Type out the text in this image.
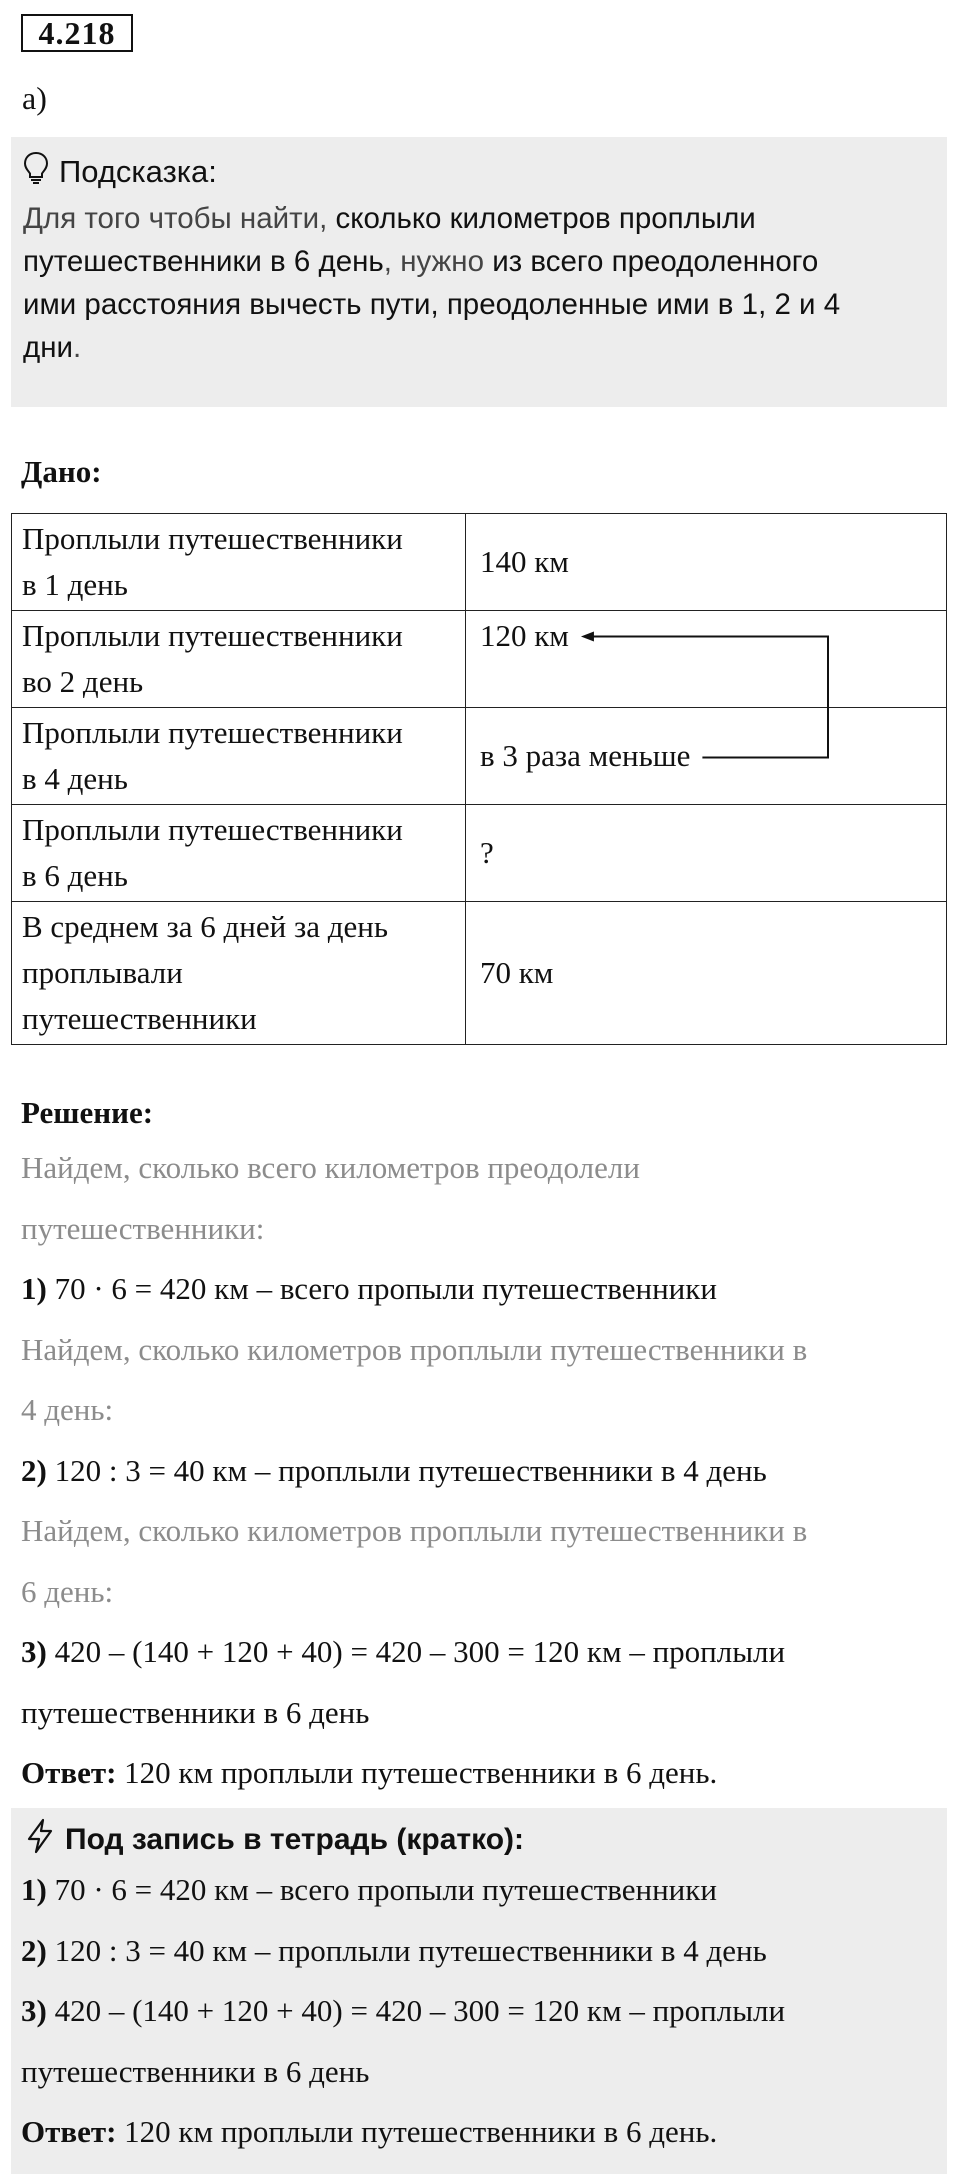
4.218
а)
Подсказка:
Для того чтобы найти, сколько километров проплыли
путешественники в 6 день, нужно из всего преодоленного
ими расстояния вычесть пути, преодоленные ими в 1, 2 и 4
дни.
Дано:
Проплыли путешественники
в 1 день	140 км

Проплыли путешественники
во 2 день	120 км

Проплыли путешественники
в 4 день	в 3 раза меньше

Проплыли путешественники
в 6 день	?

В среднем за 6 дней за день
проплывали
путешественники	70 км
Решение:
Найдем, сколько всего километров преодолели
путешественники:
1) 70 · 6 = 420 км – всего пропыли путешественники
Найдем, сколько километров проплыли путешественники в
4 день:
2) 120 : 3 = 40 км – проплыли путешественники в 4 день
Найдем, сколько километров проплыли путешественники в
6 день:
3) 420 – (140 + 120 + 40) = 420 – 300 = 120 км – проплыли
путешественники в 6 день
Ответ: 120 км проплыли путешественники в 6 день.
Под запись в тетрадь (кратко):
1) 70 · 6 = 420 км – всего пропыли путешественники
2) 120 : 3 = 40 км – проплыли путешественники в 4 день
3) 420 – (140 + 120 + 40) = 420 – 300 = 120 км – проплыли
путешественники в 6 день
Ответ: 120 км проплыли путешественники в 6 день.
